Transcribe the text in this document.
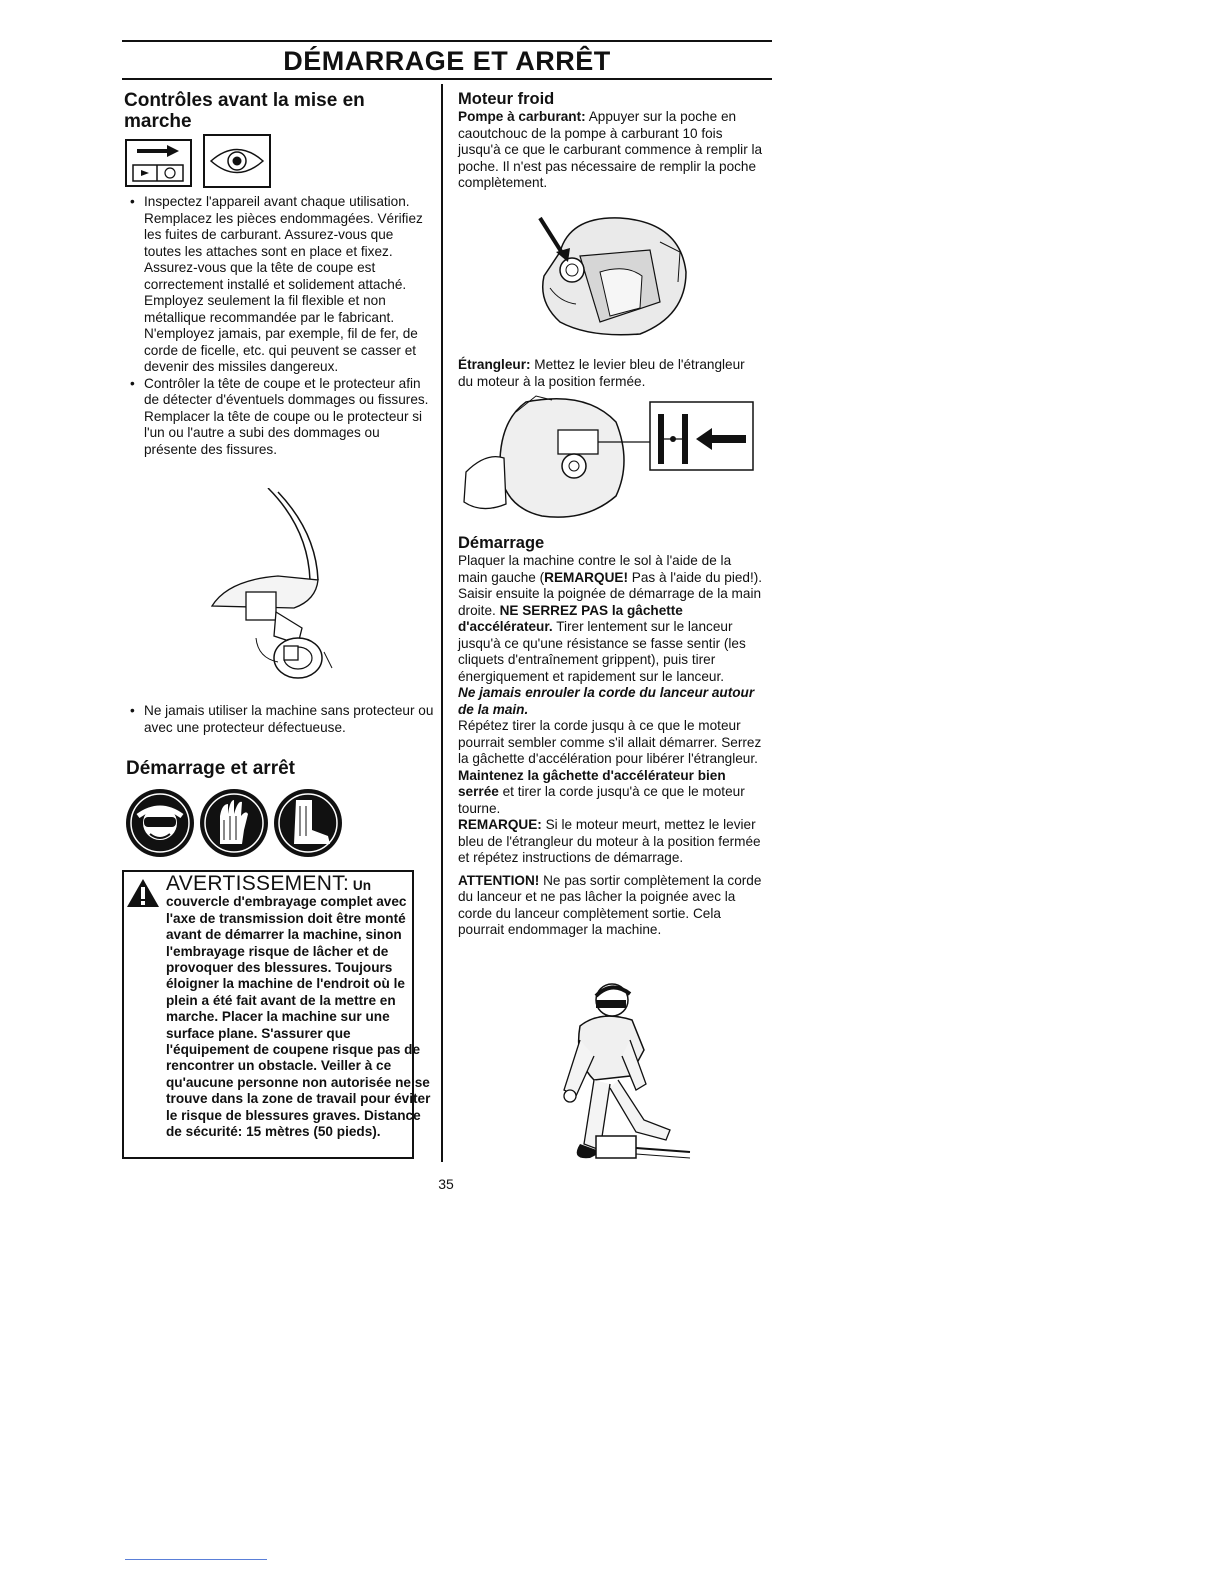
DÉMARRAGE ET ARRÊT
Contrôles avant la mise en marche
• Inspectez l'appareil avant chaque utilisation. Remplacez les pièces endommagées. Vérifiez les fuites de carburant. Assurez-vous que toutes les attaches sont en place et fixez. Assurez-vous que la tête de coupe est correctement installé et solidement attaché. Employez seulement la fil flexible et non métallique recommandée par le fabricant. N'employez jamais, par exemple, fil de fer, de corde de ficelle, etc. qui peuvent se casser et devenir des missiles dangereux.
• Contrôler la tête de coupe et le protecteur afin de détecter d'éventuels dommages ou fissures. Remplacer la tête de coupe ou le protecteur si l'un ou l'autre a subi des dommages ou présente des fissures.
• Ne jamais utiliser la machine sans protecteur ou avec une protecteur défectueuse.
Démarrage et arrêt
AVERTISSEMENT: Un couvercle d'embrayage complet avec l'axe de transmission doit être monté avant de démarrer la machine, sinon l'embrayage risque de lâcher et de provoquer des blessures. Toujours éloigner la machine de l'endroit où le plein a été fait avant de la mettre en marche. Placer la machine sur une surface plane. S'assurer que l'équipement de coupene risque pas de rencontrer un obstacle. Veiller à ce qu'aucune personne non autorisée ne se trouve dans la zone de travail pour éviter le risque de blessures graves. Distance de sécurité: 15 mètres (50 pieds).
Moteur froid

Pompe à carburant: Appuyer sur la poche en caoutchouc de la pompe à carburant 10 fois jusqu'à ce que le carburant commence à remplir la poche. Il n'est pas nécessaire de remplir la poche complètement.

Étrangleur: Mettez le levier bleu de l'étrangleur du moteur à la position fermée.

Démarrage

Plaquer la machine contre le sol à l'aide de la main gauche (REMARQUE! Pas à l'aide du pied!). Saisir ensuite la poignée de démarrage de la main droite. NE SERREZ PAS la gâchette d'accélérateur. Tirer lentement sur le lanceur jusqu'à ce qu'une résistance se fasse sentir (les cliquets d'entraînement grippent), puis tirer énergiquement et rapidement sur le lanceur.

Ne jamais enrouler la corde du lanceur autour de la main.

Répétez tirer la corde jusqu à ce que le moteur pourrait sembler comme s'il allait démarrer. Serrez la gâchette d'accélération pour libérer l'étrangleur. Maintenez la gâchette d'accélérateur bien serrée et tirer la corde jusqu'à ce que le moteur tourne.

REMARQUE: Si le moteur meurt, mettez le levier bleu de l'étrangleur du moteur à la position fermée et répétez instructions de démarrage.

ATTENTION! Ne pas sortir complètement la corde du lanceur et ne pas lâcher la poignée avec la corde du lanceur complètement sortie. Cela pourrait endommager la machine.

35
